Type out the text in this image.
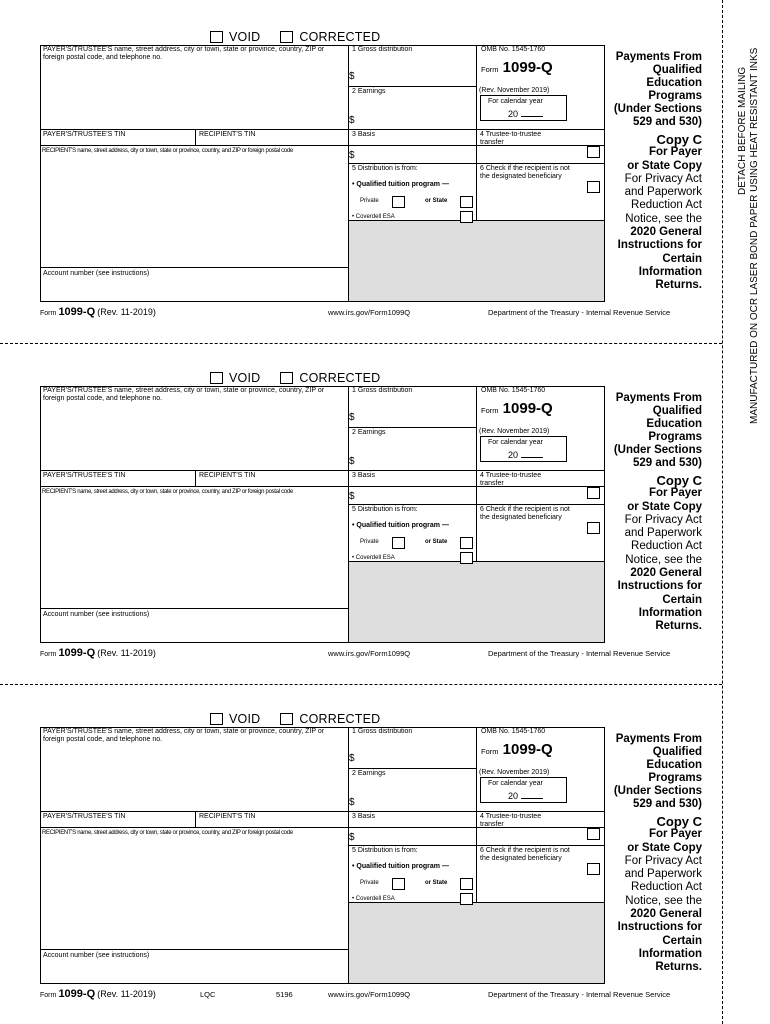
VOID	CORRECTED
PAYER'S/TRUSTEE'S name, street address, city or town, state or province, country, ZIP or foreign postal code, and telephone no.
1 Gross distribution
$
2 Earnings
$
OMB No. 1545-1760
Form 1099-Q
(Rev. November 2019)
For calendar year
20
Payments From
Qualified
Education
Programs
(Under Sections
529 and 530)
PAYER'S/TRUSTEE'S TIN	RECIPIENT'S TIN	3 Basis
$
4 Trustee-to-trustee transfer
RECIPIENT'S name, street address, city or town, state or province, country, and ZIP or foreign postal code
5 Distribution is from:
• Qualified tuition program —
Private	or State
• Coverdell ESA
6 Check if the recipient is not the designated beneficiary
Account number (see instructions)
Copy C
For Payer
or State Copy
For Privacy Act
and Paperwork
Reduction Act
Notice, see the
2020 General
Instructions for
Certain
Information
Returns.
Form 1099-Q (Rev. 11-2019)	www.irs.gov/Form1099Q	Department of the Treasury - Internal Revenue Service
VOID	CORRECTED
PAYER'S/TRUSTEE'S name, street address, city or town, state or province, country, ZIP or foreign postal code, and telephone no.
1 Gross distribution
$
2 Earnings
$
OMB No. 1545-1760
Form 1099-Q
(Rev. November 2019)
For calendar year
20
Payments From
Qualified
Education
Programs
(Under Sections
529 and 530)
PAYER'S/TRUSTEE'S TIN	RECIPIENT'S TIN	3 Basis
$
4 Trustee-to-trustee transfer
RECIPIENT'S name, street address, city or town, state or province, country, and ZIP or foreign postal code
5 Distribution is from:
• Qualified tuition program —
Private	or State
• Coverdell ESA
6 Check if the recipient is not the designated beneficiary
Account number (see instructions)
Copy C
For Payer
or State Copy
For Privacy Act
and Paperwork
Reduction Act
Notice, see the
2020 General
Instructions for
Certain
Information
Returns.
Form 1099-Q (Rev. 11-2019)	www.irs.gov/Form1099Q	Department of the Treasury - Internal Revenue Service
VOID	CORRECTED
PAYER'S/TRUSTEE'S name, street address, city or town, state or province, country, ZIP or foreign postal code, and telephone no.
1 Gross distribution
$
2 Earnings
$
OMB No. 1545-1760
Form 1099-Q
(Rev. November 2019)
For calendar year
20
Payments From
Qualified
Education
Programs
(Under Sections
529 and 530)
PAYER'S/TRUSTEE'S TIN	RECIPIENT'S TIN	3 Basis
$
4 Trustee-to-trustee transfer
RECIPIENT'S name, street address, city or town, state or province, country, and ZIP or foreign postal code
5 Distribution is from:
• Qualified tuition program —
Private	or State
• Coverdell ESA
6 Check if the recipient is not the designated beneficiary
Account number (see instructions)
Copy C
For Payer
or State Copy
For Privacy Act
and Paperwork
Reduction Act
Notice, see the
2020 General
Instructions for
Certain
Information
Returns.
Form 1099-Q (Rev. 11-2019)	LQC	5196	www.irs.gov/Form1099Q	Department of the Treasury - Internal Revenue Service
DETACH BEFORE MAILING MANUFACTURED ON OCR LASER BOND PAPER USING HEAT RESISTANT INKS
